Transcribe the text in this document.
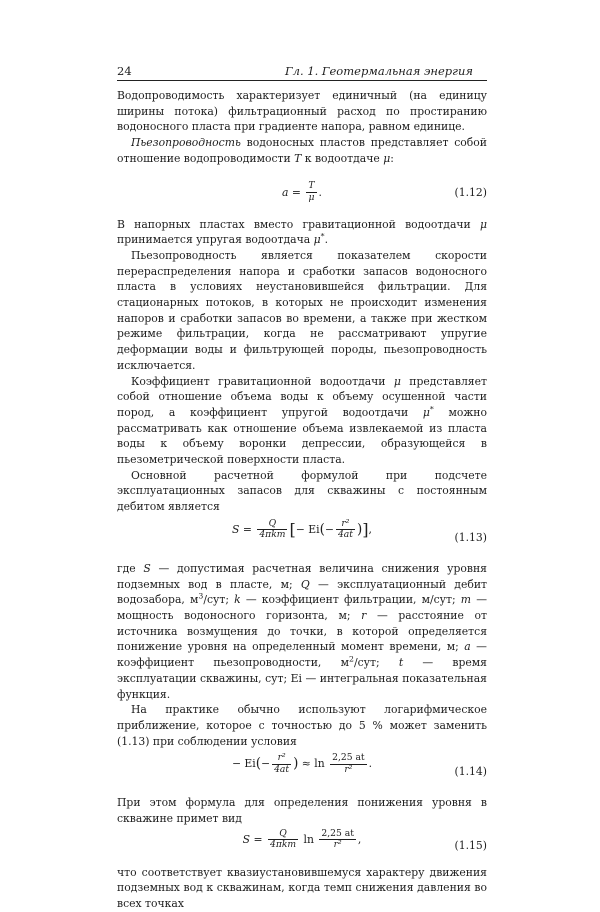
24	Гл. 1. Геотермальная энергия

Водопроводимость характеризует единичный (на единицу ширины потока) фильтрационный расход по простиранию водоносного пласта при градиенте напора, равном единице.

Пьезопроводность водоносных пластов представляет собой отношение водопроводимости T к водоотдаче μ:

$a = \frac{T}{\mu}$ .	(1.12)

В напорных пластах вместо гравитационной водоотдачи μ принимается упругая водоотдача μ*.

Пьезопроводность является показателем скорости перераспределения напора и сработки запасов водоносного пласта в условиях неустановившейся фильтрации. Для стационарных потоков, в которых не происходит изменения напоров и сработки запасов во времени, а также при жестком режиме фильтрации, когда не рассматривают упругие деформации воды и фильтрующей породы, пьезопроводность исключается.

Коэффициент гравитационной водоотдачи μ представляет собой отношение объема воды к объему осушенной части пород, а коэффициент упругой водоотдачи μ* можно рассматривать как отношение объема извлекаемой из пласта воды к объему воронки депрессии, образующейся в пьезометрической поверхности пласта.

Основной расчетной формулой при подсчете эксплуатационных запасов для скважины с постоянным дебитом является

$S = \frac{Q}{\text{4πkm}}$ [− $Ei(- \frac{\text{r²}}{4at}$ )],
(1.13)

где S — допустимая расчетная величина снижения уровня подземных вод в пласте, м; Q — эксплуатационный дебит водозабора, $м^3$/сут; k — коэффициент фильтрации, м/сут; m — мощность водоносного горизонта, м; r — расстояние от источника возмущения до точки, в которой определяется понижение уровня на определенный момент времени, м; a — коэффициент пьезопроводности, $м^2$/сут; t — время эксплуатации скважины, сут; Ei — интегральная показательная функция.

На практике обычно используют логарифмическое приближение, которое с точностью до 5 % может заменить (1.13) при соблюдении условия

− $Ei(- \frac{\text{r²}}{4at}$ ) ≈ $\ln \frac{2,25 at}{\text{r²}}$ .
(1.14)

При этом формула для определения понижения уровня в скважине примет вид

$S = \frac{Q}{\text{4πkm}}$ $\ln \frac{2,25 at}{\text{r²}}$ ,	(1.15)

что соответствует квазиустановившемуся характеру движения подземных вод к скважинам, когда темп снижения давления во всех точках
